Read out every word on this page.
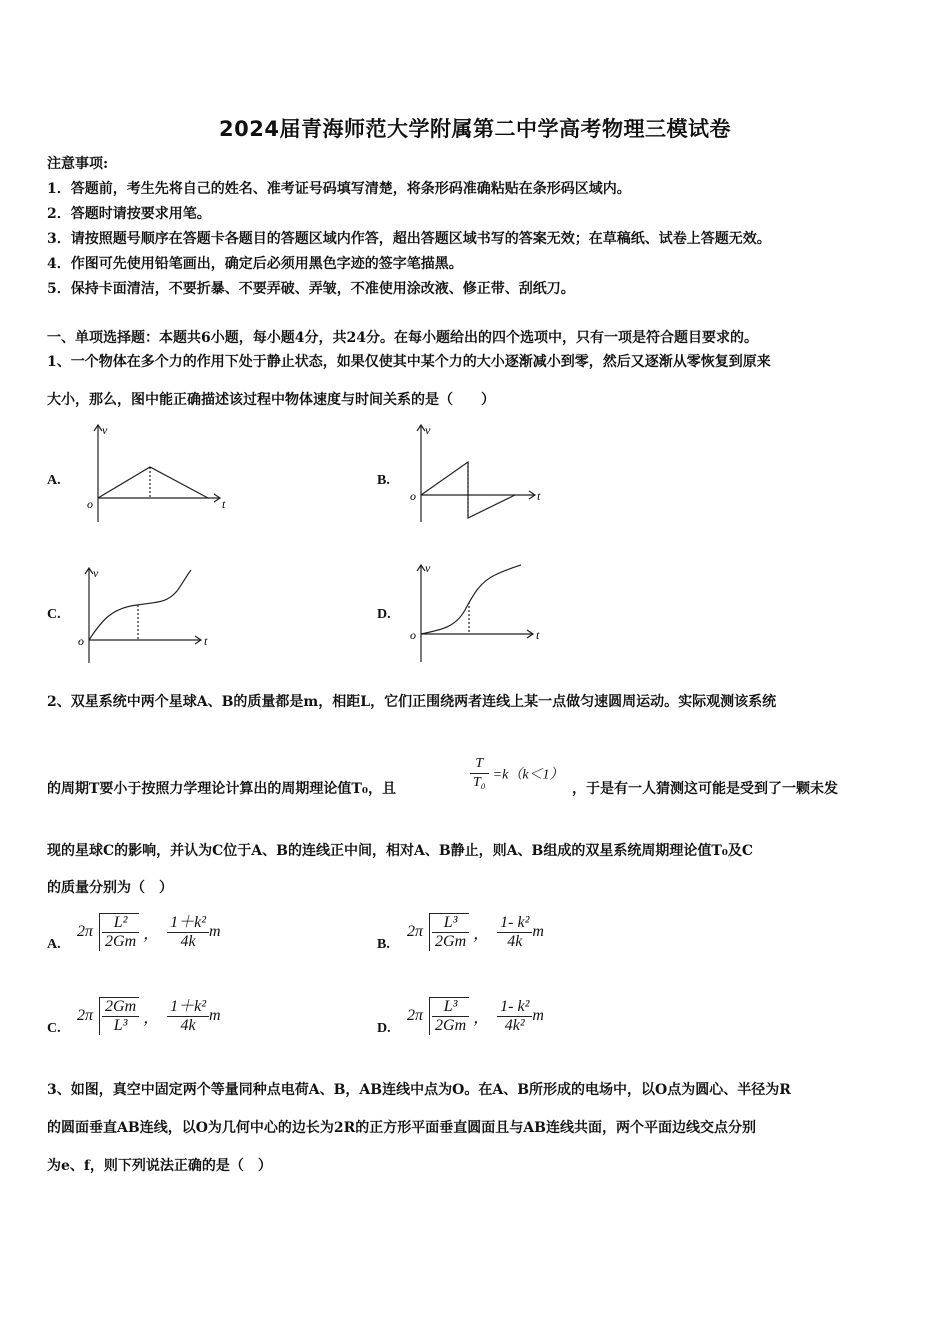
2024届青海师范大学附属第二中学高考物理三模试卷
注意事项:
1．答题前，考生先将自己的姓名、准考证号码填写清楚，将条形码准确粘贴在条形码区域内。
2．答题时请按要求用笔。
3．请按照题号顺序在答题卡各题目的答题区域内作答，超出答题区域书写的答案无效；在草稿纸、试卷上答题无效。
4．作图可先使用铅笔画出，确定后必须用黑色字迹的签字笔描黑。
5．保持卡面清洁，不要折暴、不要弄破、弄皱，不准使用涂改液、修正带、刮纸刀。
一、单项选择题：本题共6小题，每小题4分，共24分。在每小题给出的四个选项中，只有一项是符合题目要求的。
1、一个物体在多个力的作用下处于静止状态，如果仅使其中某个力的大小逐渐减小到零，然后又逐渐从零恢复到原来
大小，那么，图中能正确描述该过程中物体速度与时间关系的是（　　）
A.	B.
C.	D.
v
t
o
v
t
o
v
t
o
v
t
o
2、双星系统中两个星球A、B的质量都是m，相距L，它们正围绕两者连线上某一点做匀速圆周运动。实际观测该系统
的周期T要小于按照力学理论计算出的周期理论值T₀，且	$\frac{T}{\text{T₀}} =k(k<1)$
，于是有一人猜测这可能是受到了一颗未发
现的星球C的影响，并认为C位于A、B的连线正中间，相对A、B静止，则A、B组成的双星系统周期理论值T₀及C
的质量分别为（　）
A.
$2\pi \frac{\text{L²}}{2Gm}$ ， $\frac{\text{1＋k²}}{4k}$ m
B.
$2\pi \frac{\text{L³}}{2Gm}$ ， $\frac{\text{1- k²}}{4k}$ m
C.
$2\pi \frac{2Gm}{\text{L³}}$ ， $\frac{\text{1＋k²}}{4k}$ m
D.
$2\pi \frac{\text{L³}}{2Gm}$ ， $\frac{\text{1- k²}}{\text{4k²}}$ m
3、如图，真空中固定两个等量同种点电荷A、B，AB连线中点为O。在A、B所形成的电场中，以O点为圆心、半径为R
的圆面垂直AB连线，以O为几何中心的边长为2R的正方形平面垂直圆面且与AB连线共面，两个平面边线交点分别
为e、f，则下列说法正确的是（　）
